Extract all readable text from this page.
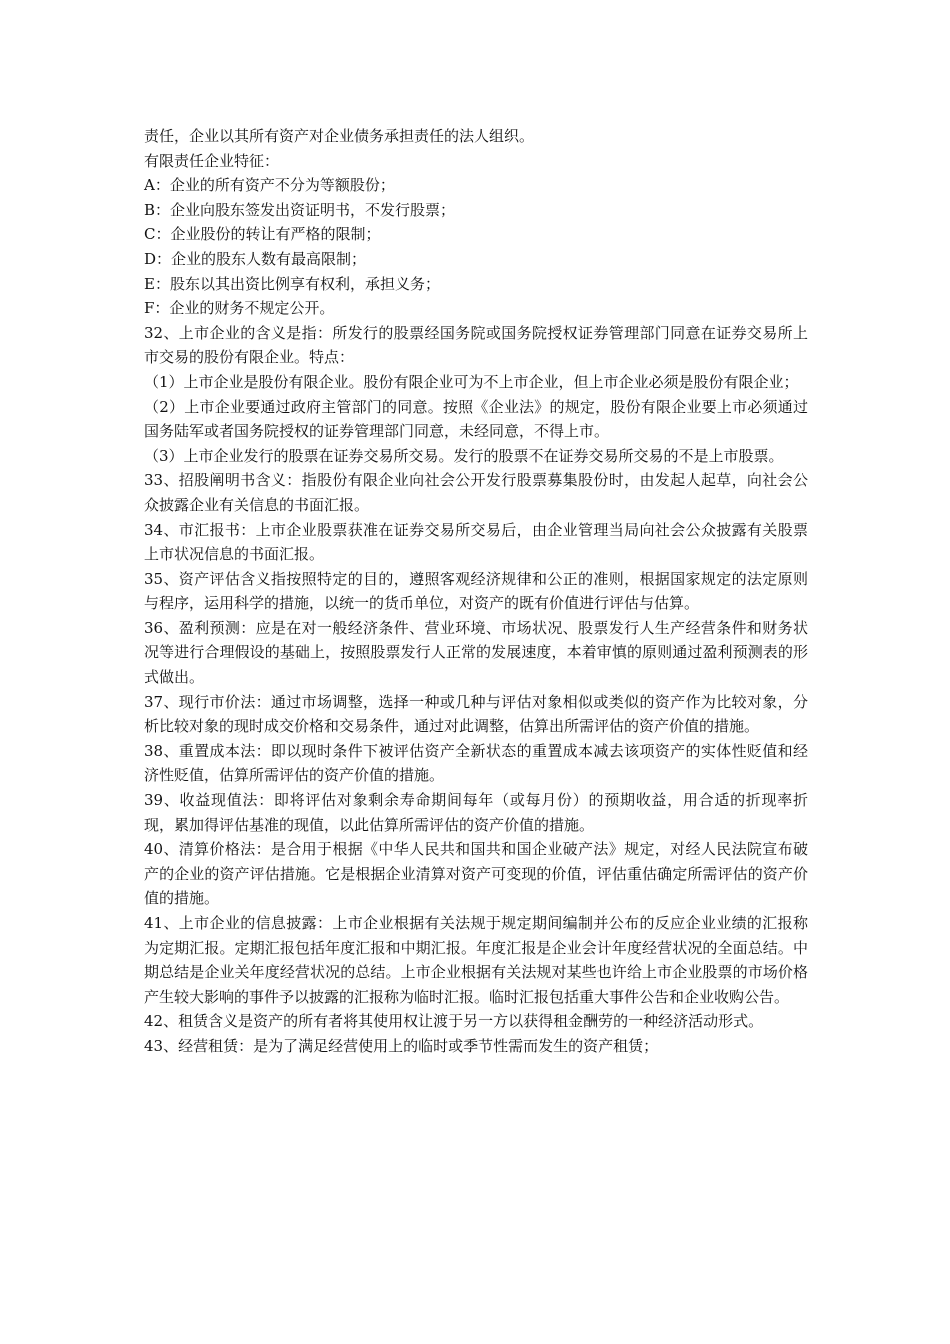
责任，企业以其所有资产对企业债务承担责任的法人组织。

有限责任企业特征：

A：企业的所有资产不分为等额股份；

B：企业向股东签发出资证明书，不发行股票；

C：企业股份的转让有严格的限制；

D：企业的股东人数有最高限制；

E：股东以其出资比例享有权利，承担义务；

F：企业的财务不规定公开。

32、上市企业的含义是指：所发行的股票经国务院或国务院授权证券管理部门同意在证券交易所上市交易的股份有限企业。特点：

（1）上市企业是股份有限企业。股份有限企业可为不上市企业，但上市企业必须是股份有限企业；

（2）上市企业要通过政府主管部门的同意。按照《企业法》的规定，股份有限企业要上市必须通过国务陆军或者国务院授权的证券管理部门同意，未经同意，不得上市。

（3）上市企业发行的股票在证券交易所交易。发行的股票不在证券交易所交易的不是上市股票。

33、招股阐明书含义：指股份有限企业向社会公开发行股票募集股份时，由发起人起草，向社会公众披露企业有关信息的书面汇报。

34、市汇报书：上市企业股票获准在证券交易所交易后，由企业管理当局向社会公众披露有关股票上市状况信息的书面汇报。

35、资产评估含义指按照特定的目的，遵照客观经济规律和公正的准则，根据国家规定的法定原则与程序，运用科学的措施，以统一的货币单位，对资产的既有价值进行评估与估算。

36、盈利预测：应是在对一般经济条件、营业环境、市场状况、股票发行人生产经营条件和财务状况等进行合理假设的基础上，按照股票发行人正常的发展速度，本着审慎的原则通过盈利预测表的形式做出。

37、现行市价法：通过市场调整，选择一种或几种与评估对象相似或类似的资产作为比较对象，分析比较对象的现时成交价格和交易条件，通过对此调整，估算出所需评估的资产价值的措施。

38、重置成本法：即以现时条件下被评估资产全新状态的重置成本减去该项资产的实体性贬值和经济性贬值，估算所需评估的资产价值的措施。

39、收益现值法：即将评估对象剩余寿命期间每年（或每月份）的预期收益，用合适的折现率折现，累加得评估基准的现值，以此估算所需评估的资产价值的措施。

40、清算价格法：是合用于根据《中华人民共和国共和国企业破产法》规定，对经人民法院宣布破产的企业的资产评估措施。它是根据企业清算对资产可变现的价值，评估重估确定所需评估的资产价值的措施。

41、上市企业的信息披露：上市企业根据有关法规于规定期间编制并公布的反应企业业绩的汇报称为定期汇报。定期汇报包括年度汇报和中期汇报。年度汇报是企业会计年度经营状况的全面总结。中期总结是企业关年度经营状况的总结。上市企业根据有关法规对某些也许给上市企业股票的市场价格产生较大影响的事件予以披露的汇报称为临时汇报。临时汇报包括重大事件公告和企业收购公告。

42、租赁含义是资产的所有者将其使用权让渡于另一方以获得租金酬劳的一种经济活动形式。

43、经营租赁：是为了满足经营使用上的临时或季节性需而发生的资产租赁；
